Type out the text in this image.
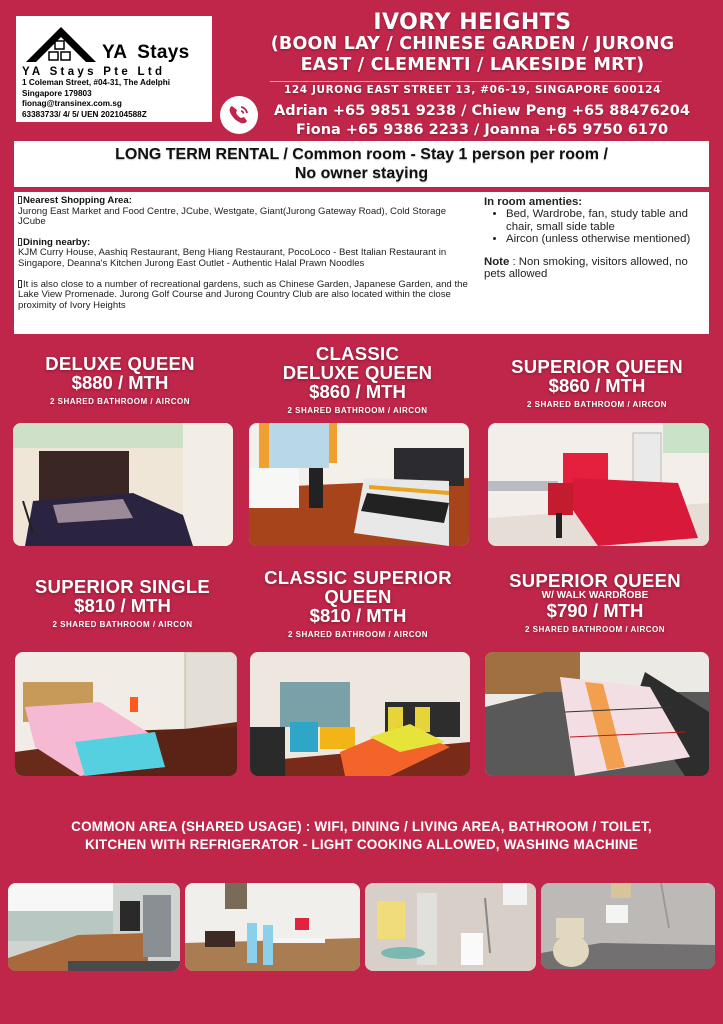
YA Stays
YA Stays Pte Ltd
1 Coleman Street, #04-31, The Adelphi
Singapore 179803
fionag@transinex.com.sg
63383733/ 4/ 5/ UEN 202104588Z
IVORY HEIGHTS
(BOON LAY / CHINESE GARDEN / JURONG
EAST / CLEMENTI / LAKESIDE MRT)
124 JURONG EAST STREET 13, #06-19, SINGAPORE 600124
Adrian +65 9851 9238 / Chiew Peng +65 88476204
Fiona +65 9386 2233 / Joanna +65 9750 6170
LONG TERM RENTAL / Common room - Stay 1 person per room /
No owner staying
Nearest Shopping Area:
Jurong East Market and Food Centre, JCube, Westgate, Giant(Jurong Gateway Road), Cold Storage JCube
Dining nearby:
KJM Curry House, Aashiq Restaurant, Beng Hiang Restaurant, PocoLoco - Best Italian Restaurant in Singapore, Deanna's Kitchen Jurong East Outlet - Authentic Halal Prawn Noodles
It is also close to a number of recreational gardens, such as Chinese Garden, Japanese Garden, and the Lake View Promenade. Jurong Golf Course and Jurong Country Club are also located within the close proximity of Ivory Heights
In room amenties:
• Bed, Wardrobe, fan, study table and chair, small side table
• Aircon (unless otherwise mentioned)
Note : Non smoking, visitors allowed, no pets allowed
DELUXE QUEEN
$880 / MTH
2 SHARED BATHROOM / AIRCON
CLASSIC
DELUXE QUEEN
$860 / MTH
2 SHARED BATHROOM / AIRCON
SUPERIOR QUEEN
$860 / MTH
2 SHARED BATHROOM / AIRCON
SUPERIOR SINGLE
$810 / MTH
2 SHARED BATHROOM / AIRCON
CLASSIC SUPERIOR
QUEEN
$810 / MTH
2 SHARED BATHROOM / AIRCON
SUPERIOR QUEEN
W/ WALK WARDROBE
$790 / MTH
2 SHARED BATHROOM / AIRCON
COMMON AREA (SHARED USAGE) : WIFI, DINING / LIVING AREA, BATHROOM / TOILET,
KITCHEN WITH REFRIGERATOR - LIGHT COOKING ALLOWED, WASHING MACHINE
